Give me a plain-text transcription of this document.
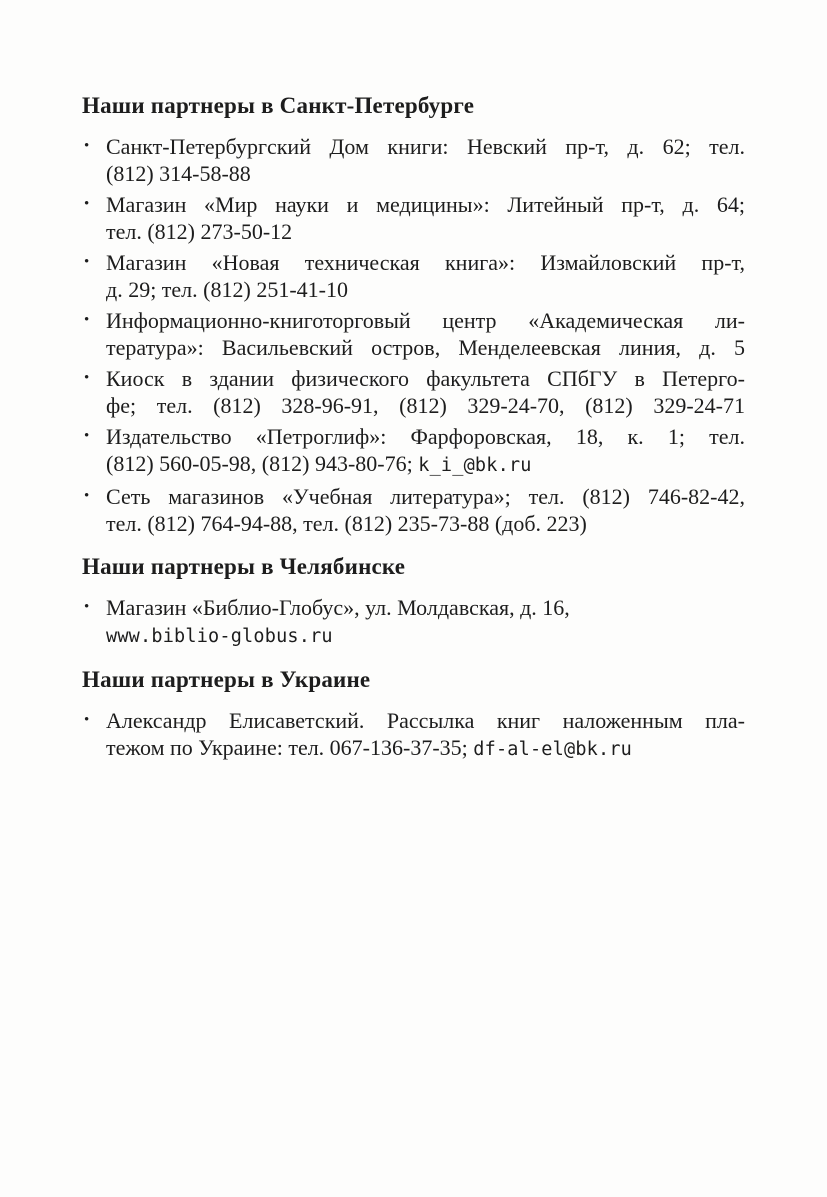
Наши партнеры в Санкт-Петербурге
• Санкт-Петербургский Дом книги: Невский пр-т, д. 62; тел.
(812) 314-58-88
• Магазин «Мир науки и медицины»: Литейный пр-т, д. 64;
тел. (812) 273-50-12
• Магазин «Новая техническая книга»: Измайловский пр-т,
д. 29; тел. (812) 251-41-10
• Информационно-книготорговый центр «Академическая ли-
тература»: Васильевский остров, Менделеевская линия, д. 5
• Киоск в здании физического факультета СПбГУ в Петерго-
фе; тел. (812) 328-96-91, (812) 329-24-70, (812) 329-24-71
• Издательство «Петроглиф»: Фарфоровская, 18, к. 1; тел.
(812) 560-05-98, (812) 943-80-76; k_i_@bk.ru
• Сеть магазинов «Учебная литература»; тел. (812) 746-82-42,
тел. (812) 764-94-88, тел. (812) 235-73-88 (доб. 223)
Наши партнеры в Челябинске
• Магазин «Библио-Глобус», ул. Молдавская, д. 16,
www.biblio-globus.ru
Наши партнеры в Украине
• Александр Елисаветский. Рассылка книг наложенным пла-
тежом по Украине: тел. 067-136-37-35; df-al-el@bk.ru
